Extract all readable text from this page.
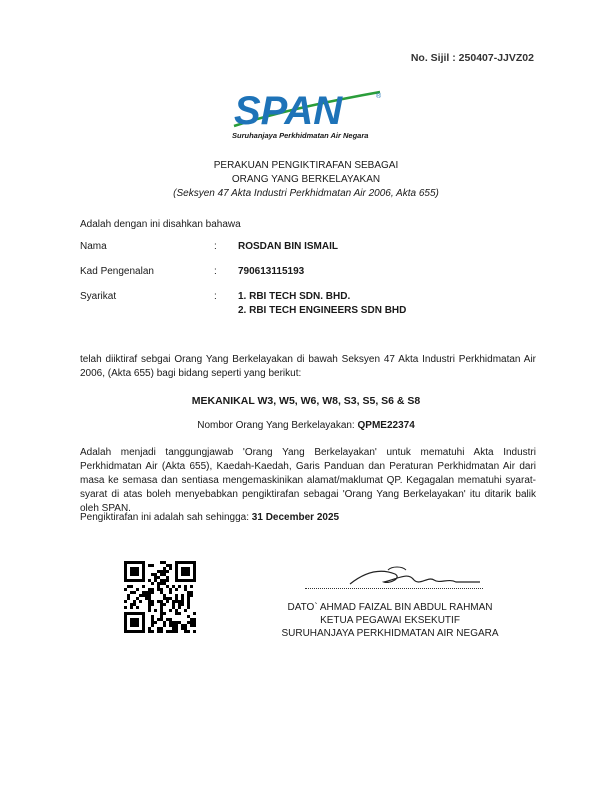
No. Sijil : 250407-JJVZ02
SPAN	®
Suruhanjaya Perkhidmatan Air Negara
PERAKUAN PENGIKTIRAFAN SEBAGAI
ORANG YANG BERKELAYAKAN
(Seksyen 47 Akta Industri Perkhidmatan Air 2006, Akta 655)
Adalah dengan ini disahkan bahawa
Nama	: ROSDAN BIN ISMAIL
Kad Pengenalan	: 790613115193
Syarikat	: 1. RBI TECH SDN. BHD.
2. RBI TECH ENGINEERS SDN BHD
telah diiktiraf sebgai Orang Yang Berkelayakan di bawah Seksyen 47 Akta Industri Perkhidmatan Air 2006, (Akta 655) bagi bidang seperti yang berikut:
MEKANIKAL W3, W5, W6, W8, S3, S5, S6 & S8
Nombor Orang Yang Berkelayakan: QPME22374
Adalah menjadi tanggungjawab 'Orang Yang Berkelayakan' untuk mematuhi Akta Industri Perkhidmatan Air (Akta 655), Kaedah-Kaedah, Garis Panduan dan Peraturan Perkhidmatan Air dari masa ke semasa dan sentiasa mengemaskinikan alamat/maklumat QP. Kegagalan mematuhi syarat-syarat di atas boleh menyebabkan pengiktirafan sebagai 'Orang Yang Berkelayakan' itu ditarik balik oleh SPAN.
Pengiktirafan ini adalah sah sehingga: 31 December 2025
DATO` AHMAD FAIZAL BIN ABDUL RAHMAN
KETUA PEGAWAI EKSEKUTIF
SURUHANJAYA PERKHIDMATAN AIR NEGARA
